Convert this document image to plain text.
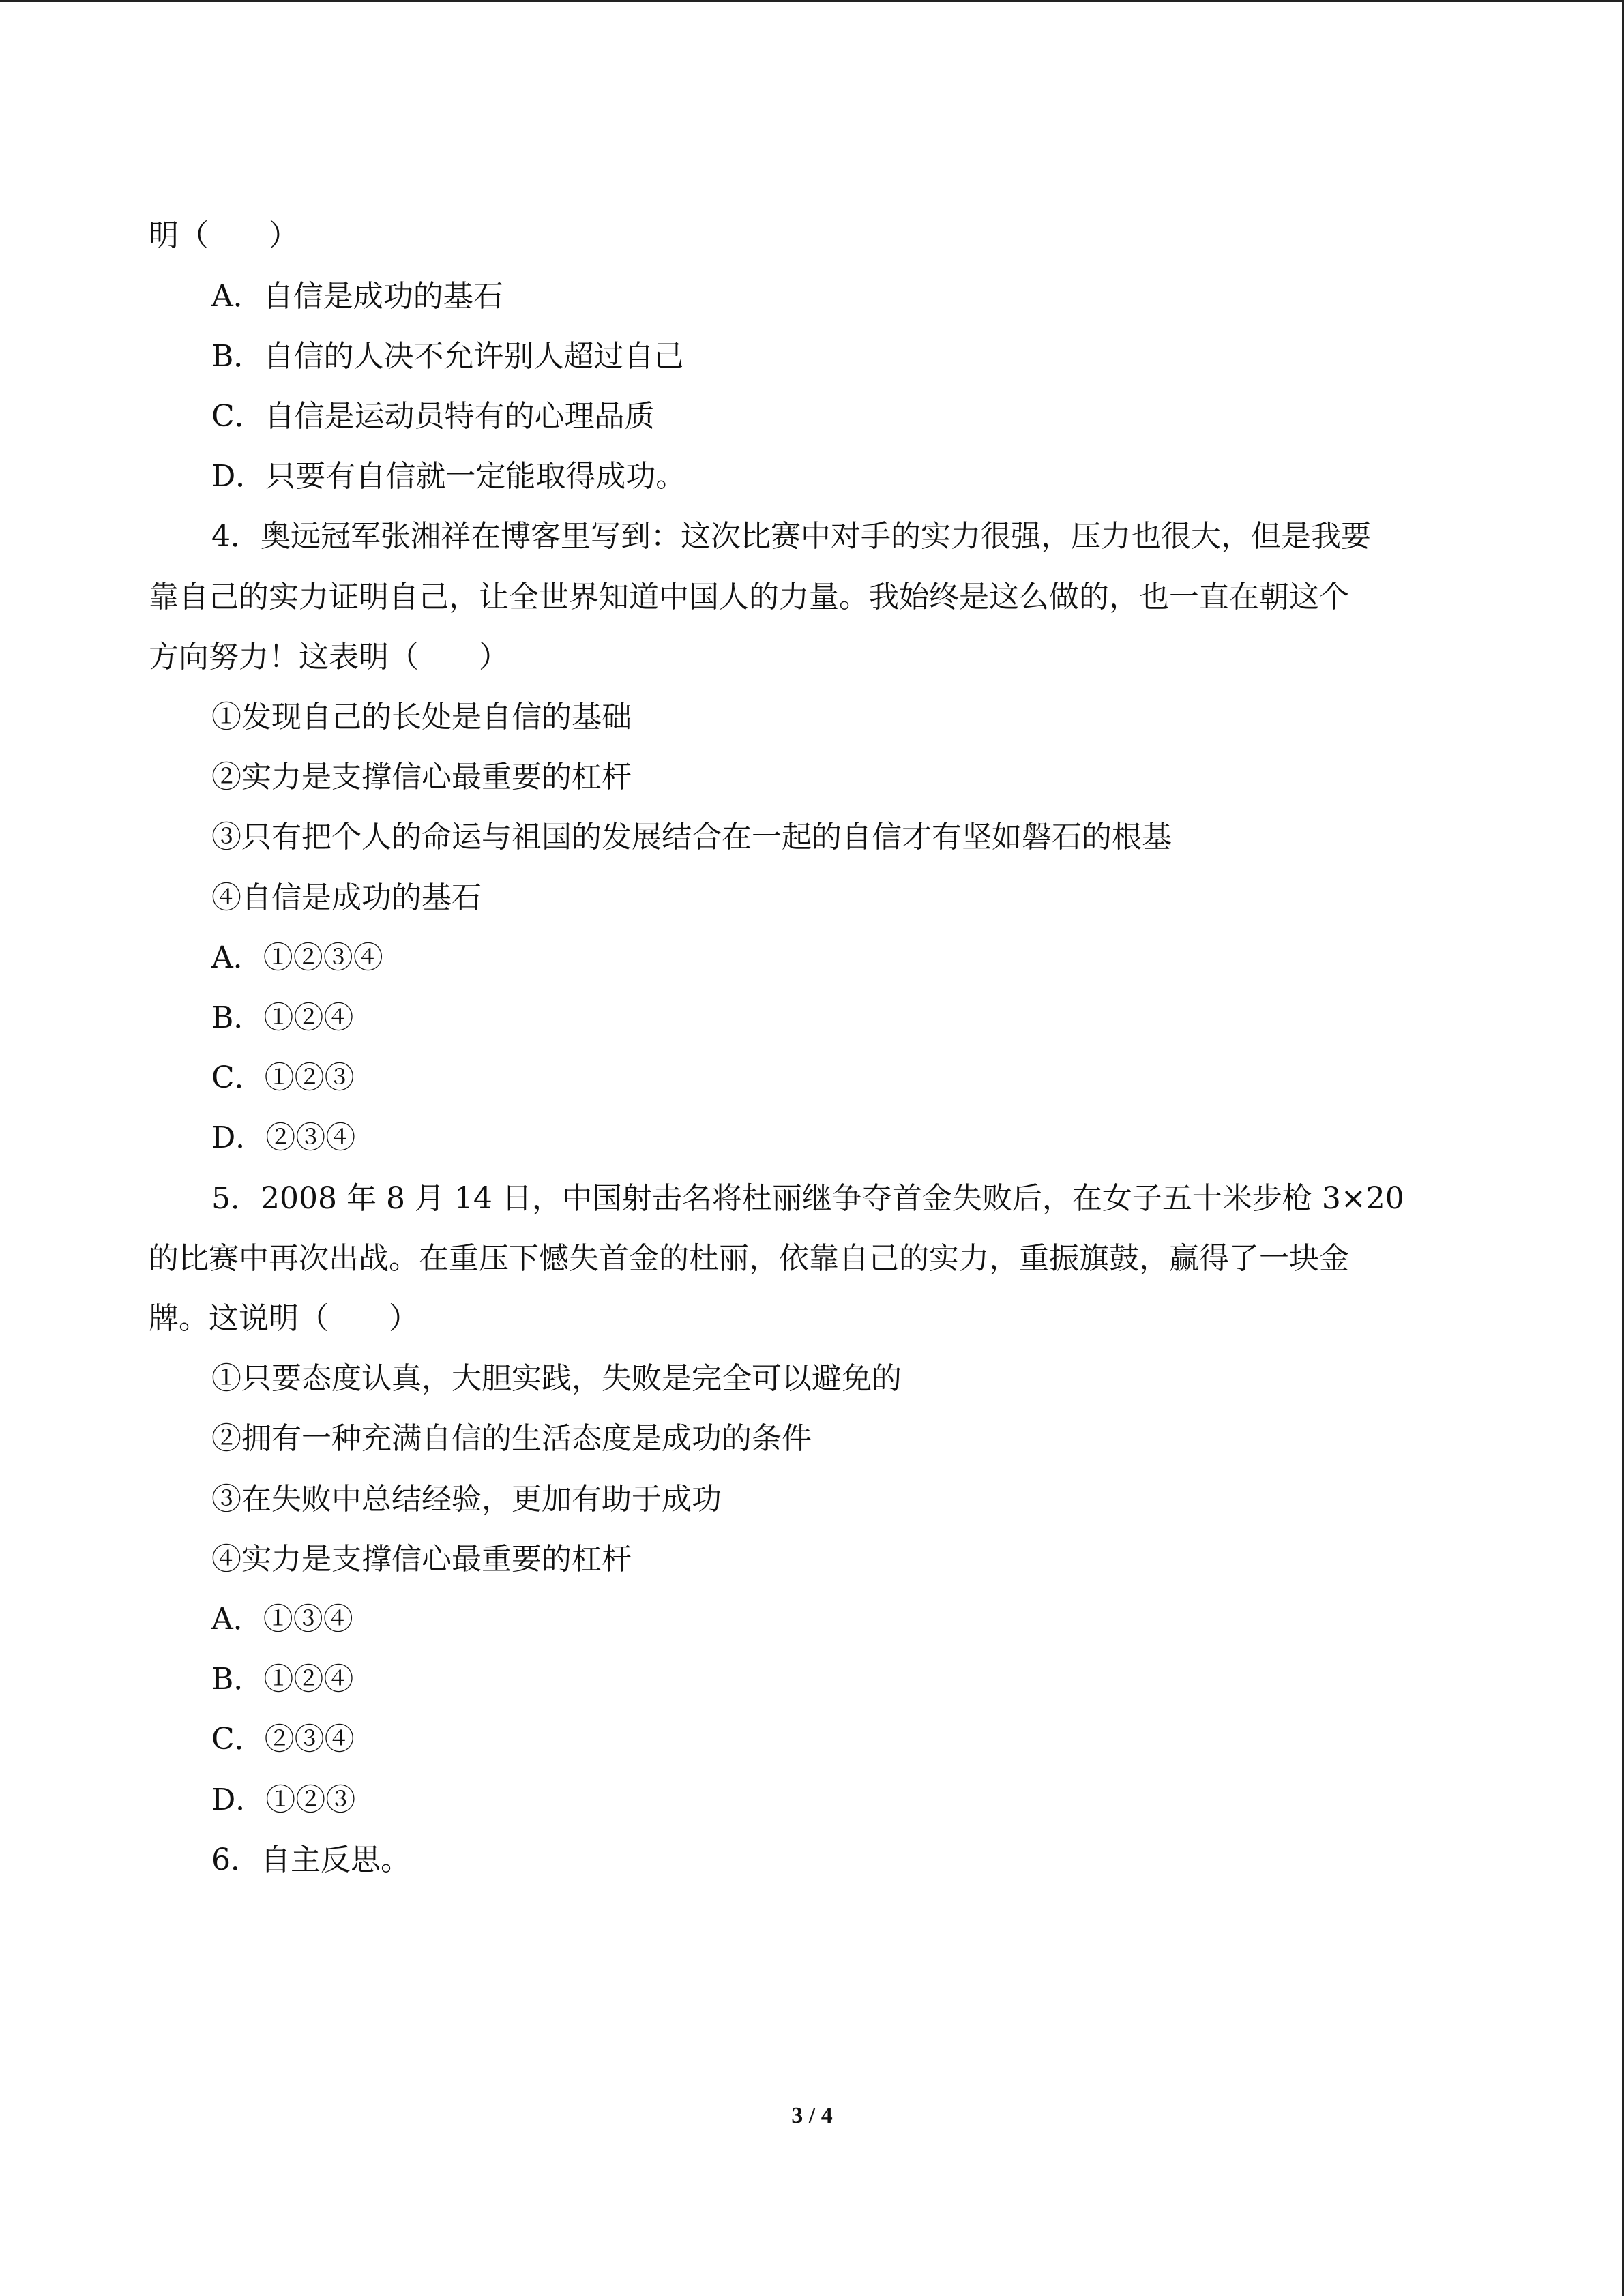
明（　　）
A．自信是成功的基石
B．自信的人决不允许别人超过自己
C．自信是运动员特有的心理品质
D．只要有自信就一定能取得成功。
4．奥远冠军张湘祥在博客里写到：这次比赛中对手的实力很强，压力也很大，但是我要
靠自己的实力证明自己，让全世界知道中国人的力量。我始终是这么做的，也一直在朝这个
方向努力！这表明（　　）
①发现自己的长处是自信的基础
②实力是支撑信心最重要的杠杆
③只有把个人的命运与祖国的发展结合在一起的自信才有坚如磐石的根基
④自信是成功的基石
A．①②③④
B．①②④
C．①②③
D．②③④
5．2008 年 8 月 14 日，中国射击名将杜丽继争夺首金失败后，在女子五十米步枪 3×20
的比赛中再次出战。在重压下憾失首金的杜丽，依靠自己的实力，重振旗鼓，赢得了一块金
牌。这说明（　　）
①只要态度认真，大胆实践，失败是完全可以避免的
②拥有一种充满自信的生活态度是成功的条件
③在失败中总结经验，更加有助于成功
④实力是支撑信心最重要的杠杆
A．①③④
B．①②④
C．②③④
D．①②③
6．自主反思。
3 / 4
